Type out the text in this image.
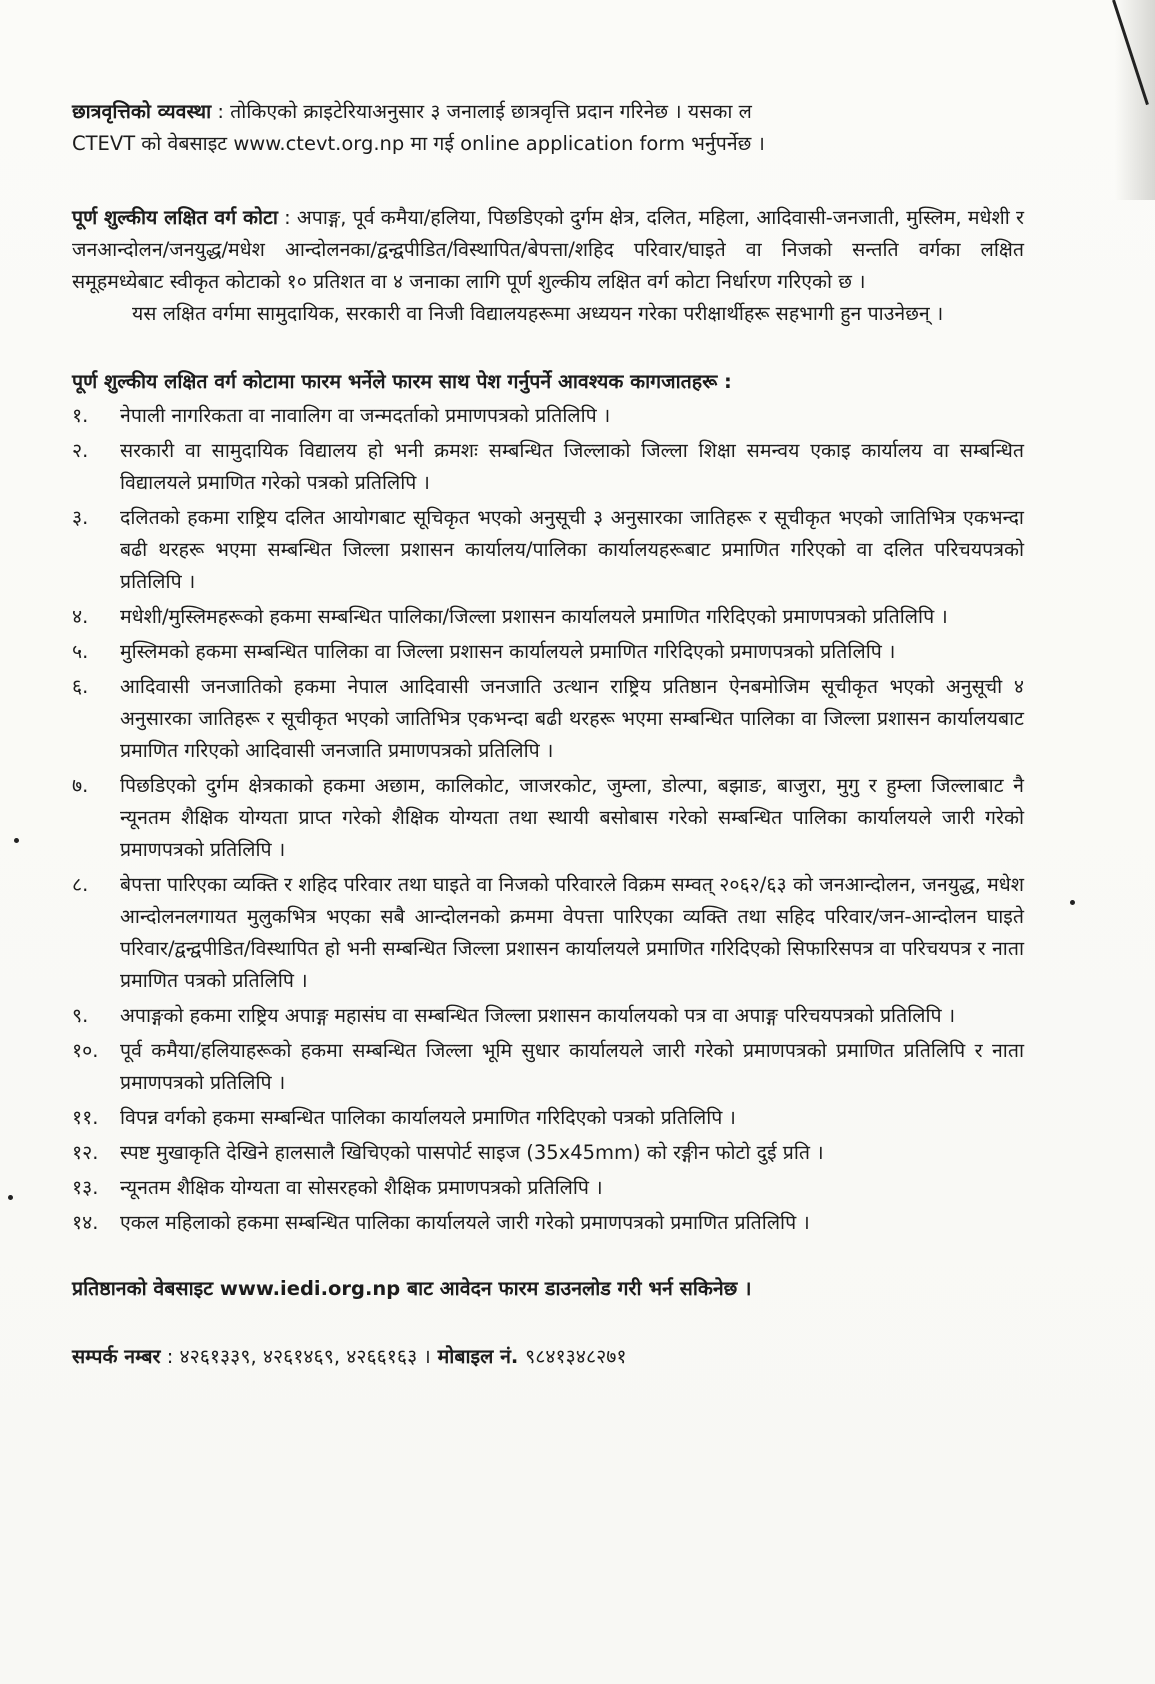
छात्रवृत्तिको व्यवस्था : तोकिएको क्राइटेरियाअनुसार ३ जनालाई छात्रवृत्ति प्रदान गरिनेछ । यसका ल

CTEVT को वेबसाइट www.ctevt.org.np मा गई online application form भर्नुपर्नेछ ।

पूर्ण शुल्कीय लक्षित वर्ग कोटा : अपाङ्ग, पूर्व कमैया/हलिया, पिछडिएको दुर्गम क्षेत्र, दलित, महिला, आदिवासी-जनजाती, मुस्लिम, मधेशी र जनआन्दोलन/जनयुद्ध/मधेश आन्दोलनका/द्वन्द्वपीडित/विस्थापित/बेपत्ता/शहिद परिवार/घाइते वा निजको सन्तति वर्गका लक्षित समूहमध्येबाट स्वीकृत कोटाको १० प्रतिशत वा ४ जनाका लागि पूर्ण शुल्कीय लक्षित वर्ग कोटा निर्धारण गरिएको छ ।

यस लक्षित वर्गमा सामुदायिक, सरकारी वा निजी विद्यालयहरूमा अध्ययन गरेका परीक्षार्थीहरू सहभागी हुन पाउनेछन् ।

पूर्ण शुल्कीय लक्षित वर्ग कोटामा फारम भर्नेले फारम साथ पेश गर्नुपर्ने आवश्यक कागजातहरू :

१.	नेपाली नागरिकता वा नावालिग वा जन्मदर्ताको प्रमाणपत्रको प्रतिलिपि ।
२.	सरकारी वा सामुदायिक विद्यालय हो भनी क्रमशः सम्बन्धित जिल्लाको जिल्ला शिक्षा समन्वय एकाइ कार्यालय वा सम्बन्धित विद्यालयले प्रमाणित गरेको पत्रको प्रतिलिपि ।
३.	दलितको हकमा राष्ट्रिय दलित आयोगबाट सूचिकृत भएको अनुसूची ३ अनुसारका जातिहरू र सूचीकृत भएको जातिभित्र एकभन्दा बढी थरहरू भएमा सम्बन्धित जिल्ला प्रशासन कार्यालय/पालिका कार्यालयहरूबाट प्रमाणित गरिएको वा दलित परिचयपत्रको प्रतिलिपि ।
४.	मधेशी/मुस्लिमहरूको हकमा सम्बन्धित पालिका/जिल्ला प्रशासन कार्यालयले प्रमाणित गरिदिएको प्रमाणपत्रको प्रतिलिपि ।
५.	मुस्लिमको हकमा सम्बन्धित पालिका वा जिल्ला प्रशासन कार्यालयले प्रमाणित गरिदिएको प्रमाणपत्रको प्रतिलिपि ।
६.	आदिवासी जनजातिको हकमा नेपाल आदिवासी जनजाति उत्थान राष्ट्रिय प्रतिष्ठान ऐनबमोजिम सूचीकृत भएको अनुसूची ४ अनुसारका जातिहरू र सूचीकृत भएको जातिभित्र एकभन्दा बढी थरहरू भएमा सम्बन्धित पालिका वा जिल्ला प्रशासन कार्यालयबाट प्रमाणित गरिएको आदिवासी जनजाति प्रमाणपत्रको प्रतिलिपि ।
७.	पिछडिएको दुर्गम क्षेत्रकाको हकमा अछाम, कालिकोट, जाजरकोट, जुम्ला, डोल्पा, बझाङ, बाजुरा, मुगु र हुम्ला जिल्लाबाट नै न्यूनतम शैक्षिक योग्यता प्राप्त गरेको शैक्षिक योग्यता तथा स्थायी बसोबास गरेको सम्बन्धित पालिका कार्यालयले जारी गरेको प्रमाणपत्रको प्रतिलिपि ।
८.	बेपत्ता पारिएका व्यक्ति र शहिद परिवार तथा घाइते वा निजको परिवारले विक्रम सम्वत् २०६२/६३ को जनआन्दोलन, जनयुद्ध, मधेश आन्दोलनलगायत मुलुकभित्र भएका सबै आन्दोलनको क्रममा वेपत्ता पारिएका व्यक्ति तथा सहिद परिवार/जन-आन्दोलन घाइते परिवार/द्वन्द्वपीडित/विस्थापित हो भनी सम्बन्धित जिल्ला प्रशासन कार्यालयले प्रमाणित गरिदिएको सिफारिसपत्र वा परिचयपत्र र नाता प्रमाणित पत्रको प्रतिलिपि ।
९.	अपाङ्गको हकमा राष्ट्रिय अपाङ्ग महासंघ वा सम्बन्धित जिल्ला प्रशासन कार्यालयको पत्र वा अपाङ्ग परिचयपत्रको प्रतिलिपि ।
१०.	पूर्व कमैया/हलियाहरूको हकमा सम्बन्धित जिल्ला भूमि सुधार कार्यालयले जारी गरेको प्रमाणपत्रको प्रमाणित प्रतिलिपि र नाता प्रमाणपत्रको प्रतिलिपि ।
११.	विपन्न वर्गको हकमा सम्बन्धित पालिका कार्यालयले प्रमाणित गरिदिएको पत्रको प्रतिलिपि ।
१२.	स्पष्ट मुखाकृति देखिने हालसालै खिचिएको पासपोर्ट साइज (35x45mm) को रङ्गीन फोटो दुई प्रति ।
१३.	न्यूनतम शैक्षिक योग्यता वा सोसरहको शैक्षिक प्रमाणपत्रको प्रतिलिपि ।
१४.	एकल महिलाको हकमा सम्बन्धित पालिका कार्यालयले जारी गरेको प्रमाणपत्रको प्रमाणित प्रतिलिपि ।

प्रतिष्ठानको वेबसाइट www.iedi.org.np बाट आवेदन फारम डाउनलोड गरी भर्न सकिनेछ ।

सम्पर्क नम्बर : ४२६१३३९, ४२६१४६९, ४२६६१६३ । मोबाइल नं. ९८४१३४८२७१
